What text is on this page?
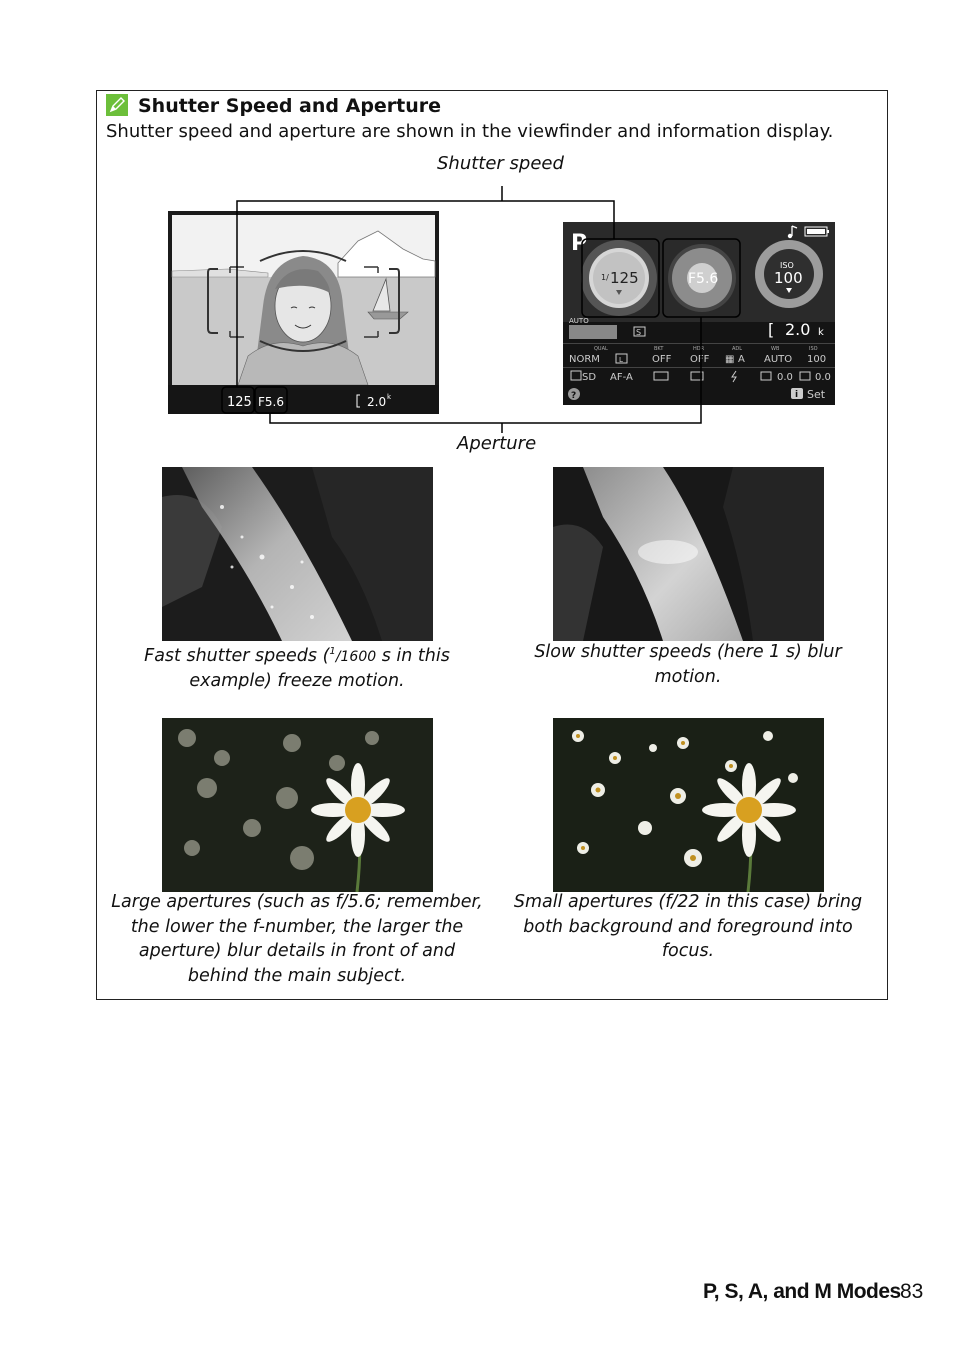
Shutter Speed and Aperture
Shutter speed and aperture are shown in the viewfinder and information display.
Shutter speed
Aperture
125 F5.6	2.0 k
P
1/ 125	F5.6
ISO
100
AUTO
S	[ 2.0 k
QUAL	BKT	HDR	ADL	WB	ISO
NORM	L	OFF OFF ▦ A AUTO 100
SD AF-A	0.0 0.0
?	i Set
Fast shutter speeds ($^1$/1600 s in this example) freeze motion.
Slow shutter speeds (here 1 s) blur motion.
Large apertures (such as f/5.6; remember, the lower the f-number, the larger the aperture) blur details in front of and behind the main subject.
Small apertures (f/22 in this case) bring both background and foreground into focus.
P, S, A, and M Modes 83
